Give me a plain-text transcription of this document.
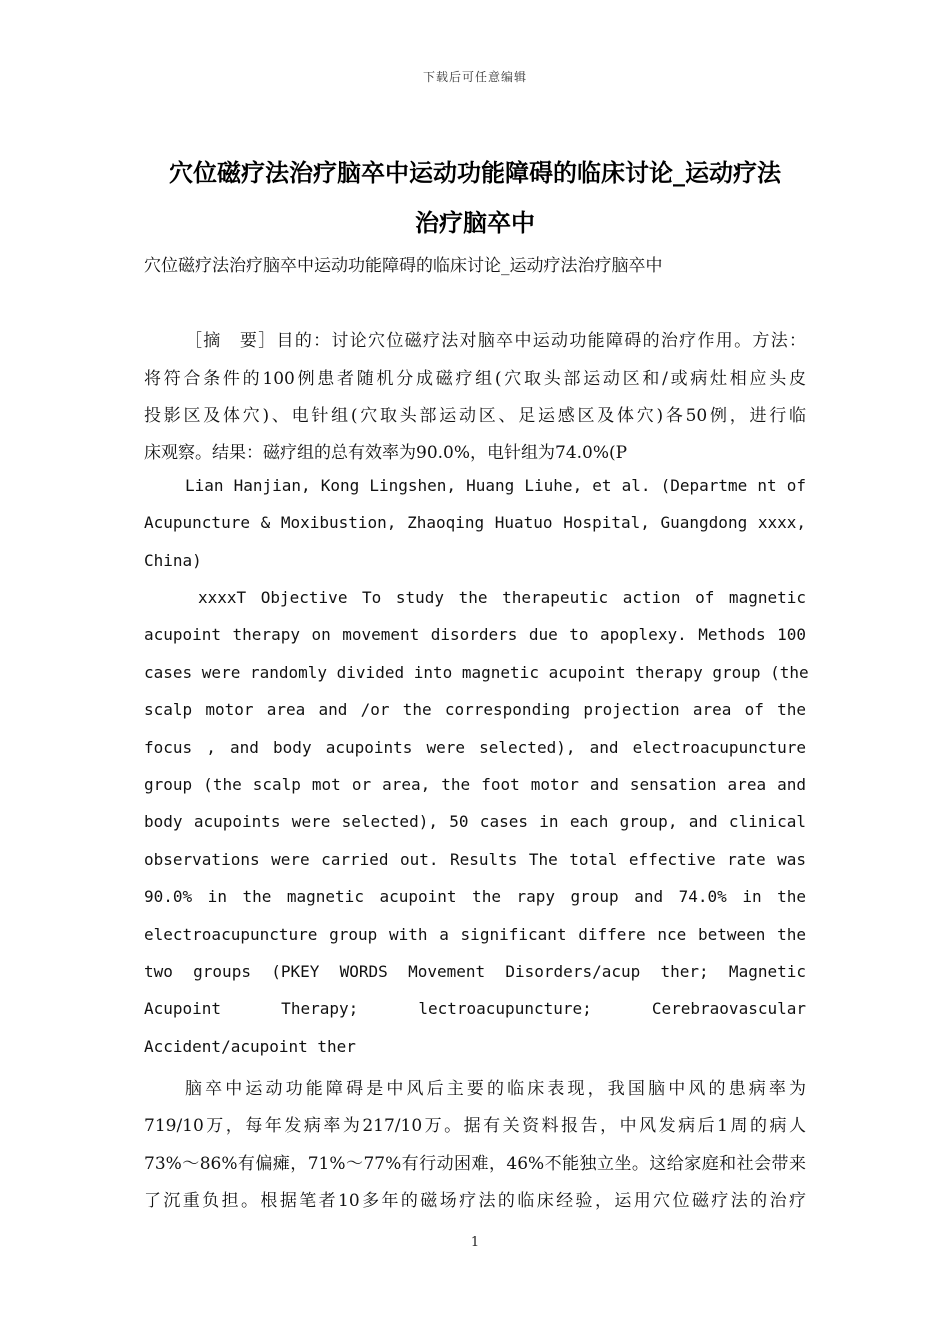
下载后可任意编辑
穴位磁疗法治疗脑卒中运动功能障碍的临床讨论_运动疗法
治疗脑卒中
穴位磁疗法治疗脑卒中运动功能障碍的临床讨论_运动疗法治疗脑卒中
［摘　要］目的：讨论穴位磁疗法对脑卒中运动功能障碍的治疗作用。方法：
将符合条件的100例患者随机分成磁疗组(穴取头部运动区和/或病灶相应头皮
投影区及体穴)、电针组(穴取头部运动区、足运感区及体穴)各50例，进行临
床观察。结果：磁疗组的总有效率为90.0%，电针组为74.0%(P
Lian Hanjian, Kong Lingshen, Huang Liuhe, et al. (Departme nt of
Acupuncture & Moxibustion, Zhaoqing Huatuo Hospital, Guangdong xxxx,
China)
xxxxT Objective To study the therapeutic action of magnetic
acupoint therapy on movement disorders due to apoplexy. Methods 100
cases were randomly divided into magnetic acupoint therapy group (the
scalp motor area and /or the corresponding projection area of the
focus , and body acupoints were selected), and electroacupuncture
group (the scalp mot or area, the foot motor and sensation area and
body acupoints were selected), 50 cases in each group, and clinical
observations were carried out. Results The total effective rate was
90.0% in the magnetic acupoint the rapy group and 74.0% in the
electroacupuncture group with a significant differe nce between the
two groups (PKEY WORDS Movement Disorders/acup ther; Magnetic
Acupoint Therapy; lectroacupuncture; Cerebraovascular
Accident/acupoint ther
脑卒中运动功能障碍是中风后主要的临床表现，我国脑中风的患病率为
719/10万，每年发病率为217/10万。据有关资料报告，中风发病后1周的病人
73%～86%有偏瘫，71%～77%有行动困难，46%不能独立坐。这给家庭和社会带来
了沉重负担。根据笔者10多年的磁场疗法的临床经验，运用穴位磁疗法的治疗
1
